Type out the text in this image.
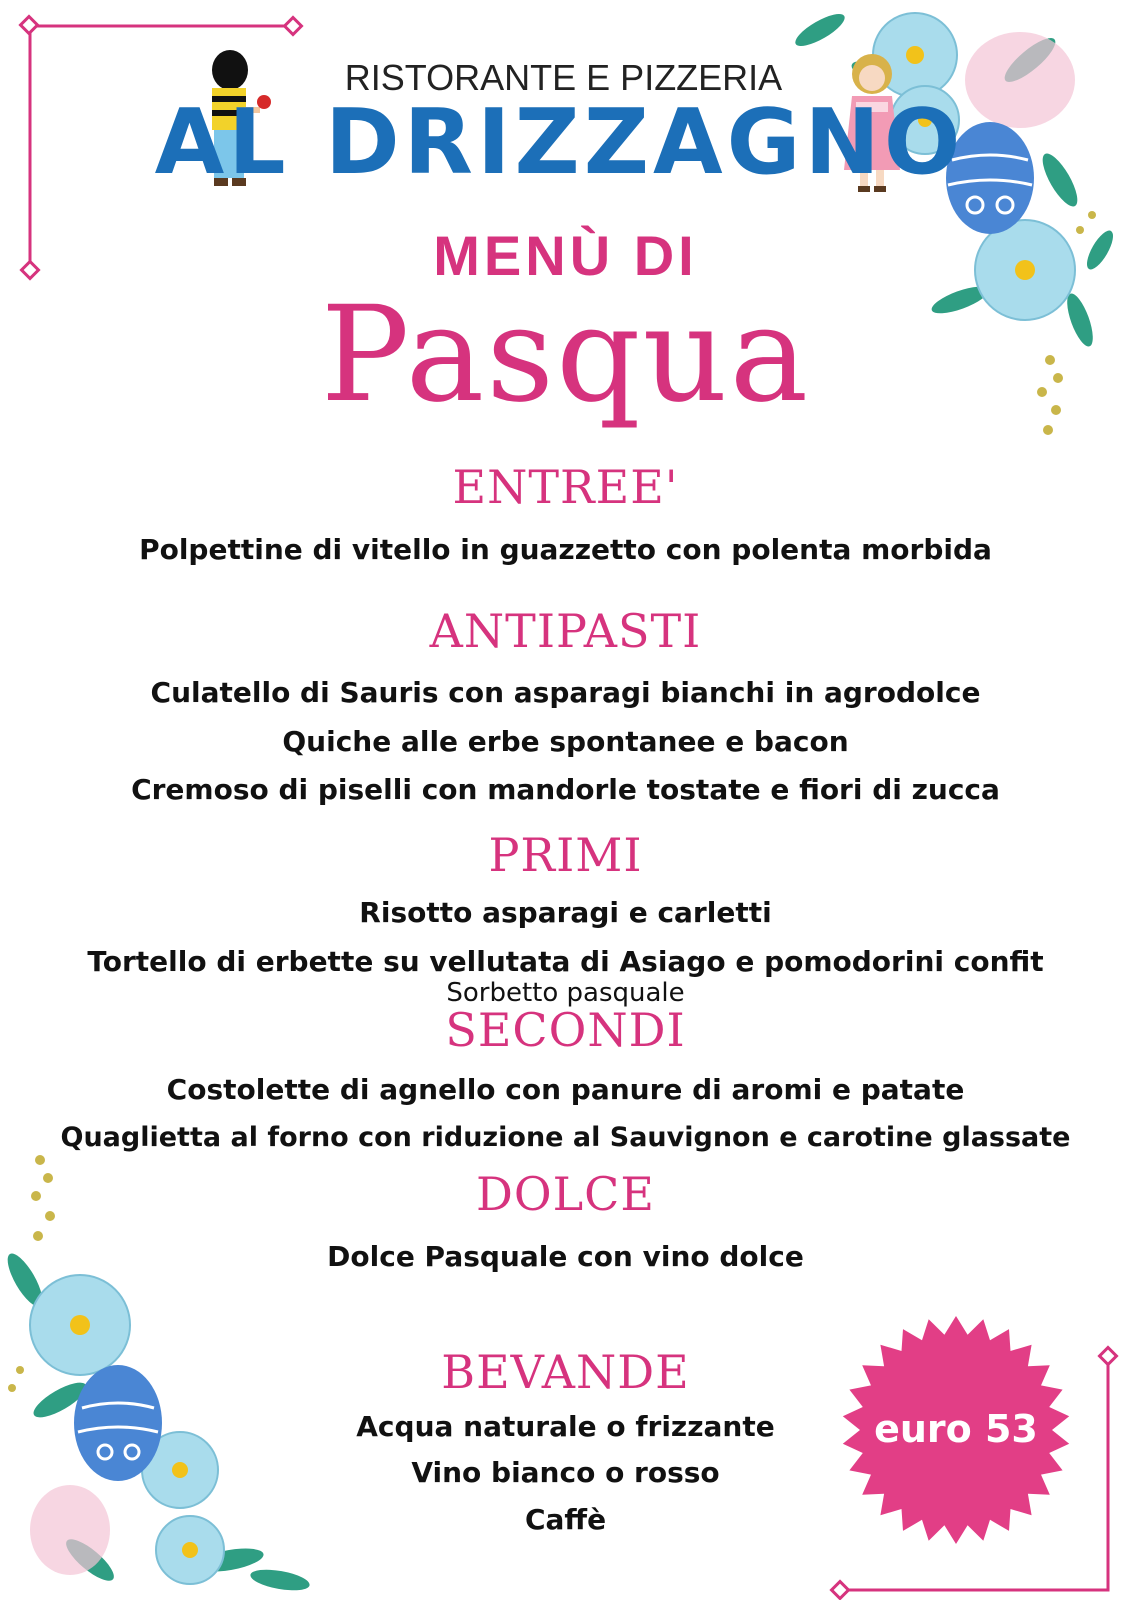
RISTORANTE E PIZZERIA
AL DRIZZAGNO
MENÙ DI
Pasqua
ENTREE'
Polpettine di vitello in guazzetto con polenta morbida
ANTIPASTI
Culatello di Sauris con asparagi bianchi in agrodolce
Quiche alle erbe spontanee e bacon
Cremoso di piselli con mandorle tostate e fiori di zucca
PRIMI
Risotto asparagi e carletti
Tortello di erbette su vellutata di Asiago e pomodorini confit
Sorbetto pasquale
SECONDI
Costolette di agnello con panure di aromi e patate
Quaglietta al forno con riduzione al Sauvignon e carotine glassate
DOLCE
Dolce Pasquale con vino dolce
BEVANDE
Acqua naturale o frizzante
Vino bianco o rosso
Caffè
euro 53
